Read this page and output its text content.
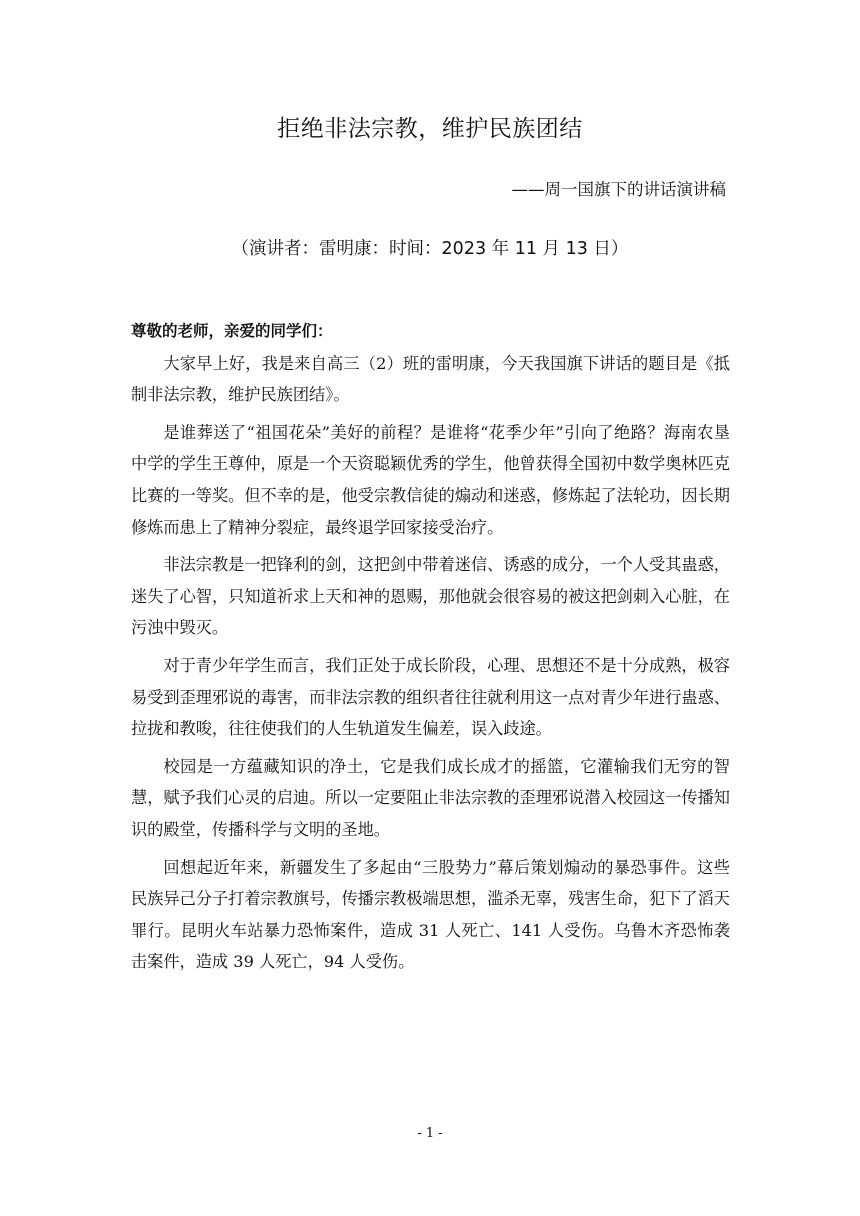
拒绝非法宗教，维护民族团结

——周一国旗下的讲话演讲稿

（演讲者：雷明康：时间：2023 年 11 月 13 日）

尊敬的老师，亲爱的同学们：

大家早上好，我是来自高三（2）班的雷明康，今天我国旗下讲话的题目是《抵制非法宗教，维护民族团结》。

是谁葬送了“祖国花朵”美好的前程？是谁将“花季少年”引向了绝路？海南农垦中学的学生王尊仲，原是一个天资聪颖优秀的学生，他曾获得全国初中数学奥林匹克比赛的一等奖。但不幸的是，他受宗教信徒的煽动和迷惑，修炼起了法轮功，因长期修炼而患上了精神分裂症，最终退学回家接受治疗。

非法宗教是一把锋利的剑，这把剑中带着迷信、诱惑的成分，一个人受其蛊惑，迷失了心智，只知道祈求上天和神的恩赐，那他就会很容易的被这把剑刺入心脏，在污浊中毁灭。

对于青少年学生而言，我们正处于成长阶段，心理、思想还不是十分成熟，极容易受到歪理邪说的毒害，而非法宗教的组织者往往就利用这一点对青少年进行蛊惑、拉拢和教唆，往往使我们的人生轨道发生偏差，误入歧途。

校园是一方蕴藏知识的净土，它是我们成长成才的摇篮，它灌输我们无穷的智慧，赋予我们心灵的启迪。所以一定要阻止非法宗教的歪理邪说潜入校园这一传播知识的殿堂，传播科学与文明的圣地。

回想起近年来，新疆发生了多起由“三股势力”幕后策划煽动的暴恐事件。这些民族异己分子打着宗教旗号，传播宗教极端思想，滥杀无辜，残害生命，犯下了滔天罪行。昆明火车站暴力恐怖案件，造成 31 人死亡、141 人受伤。乌鲁木齐恐怖袭击案件，造成 39 人死亡，94 人受伤。

- 1 -
